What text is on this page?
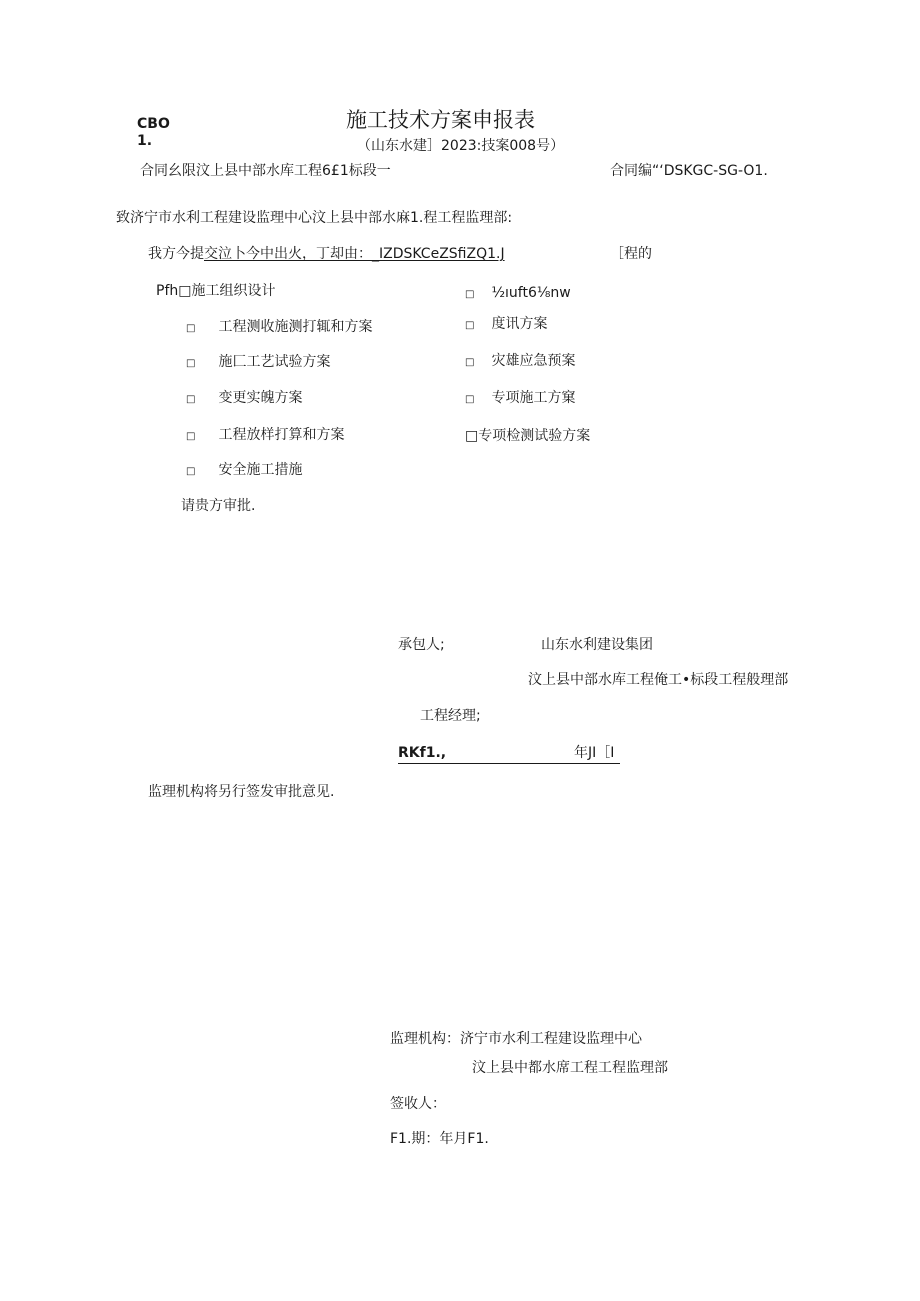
CBO
1.
施工技术方案申报表
（山东水建］2023:技案008号）
合同幺限汶上县中部水库工程6£1标段一	合同编“‘DSKGC-SG-O1.
致济宁市水利工程建设监理中心汶上县中部水麻1.程工程监理部:
我方今提交泣卜今中出火，丁却由：_IZDSKCeZSfiZQ1.J	［程的
Pfh□施工组织设计
□ 工程测收施测打辄和方案
□ 施匚工艺试验方案
□ 变更实魄方案
□ 工程放样打算和方案
□ 安全施工措施
□ ½ıuft6⅛nw
□ 度讯方案
□ 灾雄应急预案
□ 专项施工方窠
□专项检测试验方案
请贵方审批.
承包人;	山东水利建设集团
汶上县中部水库工程俺工•标段工程般理部
工程经理;
RKf1.,	年JI［I
监理机构将另行签发审批意见.
监理机构：济宁市水利工程建设监理中心
汶上县中都水席工程工程监理部
签收人：
F1.期：年月F1.
